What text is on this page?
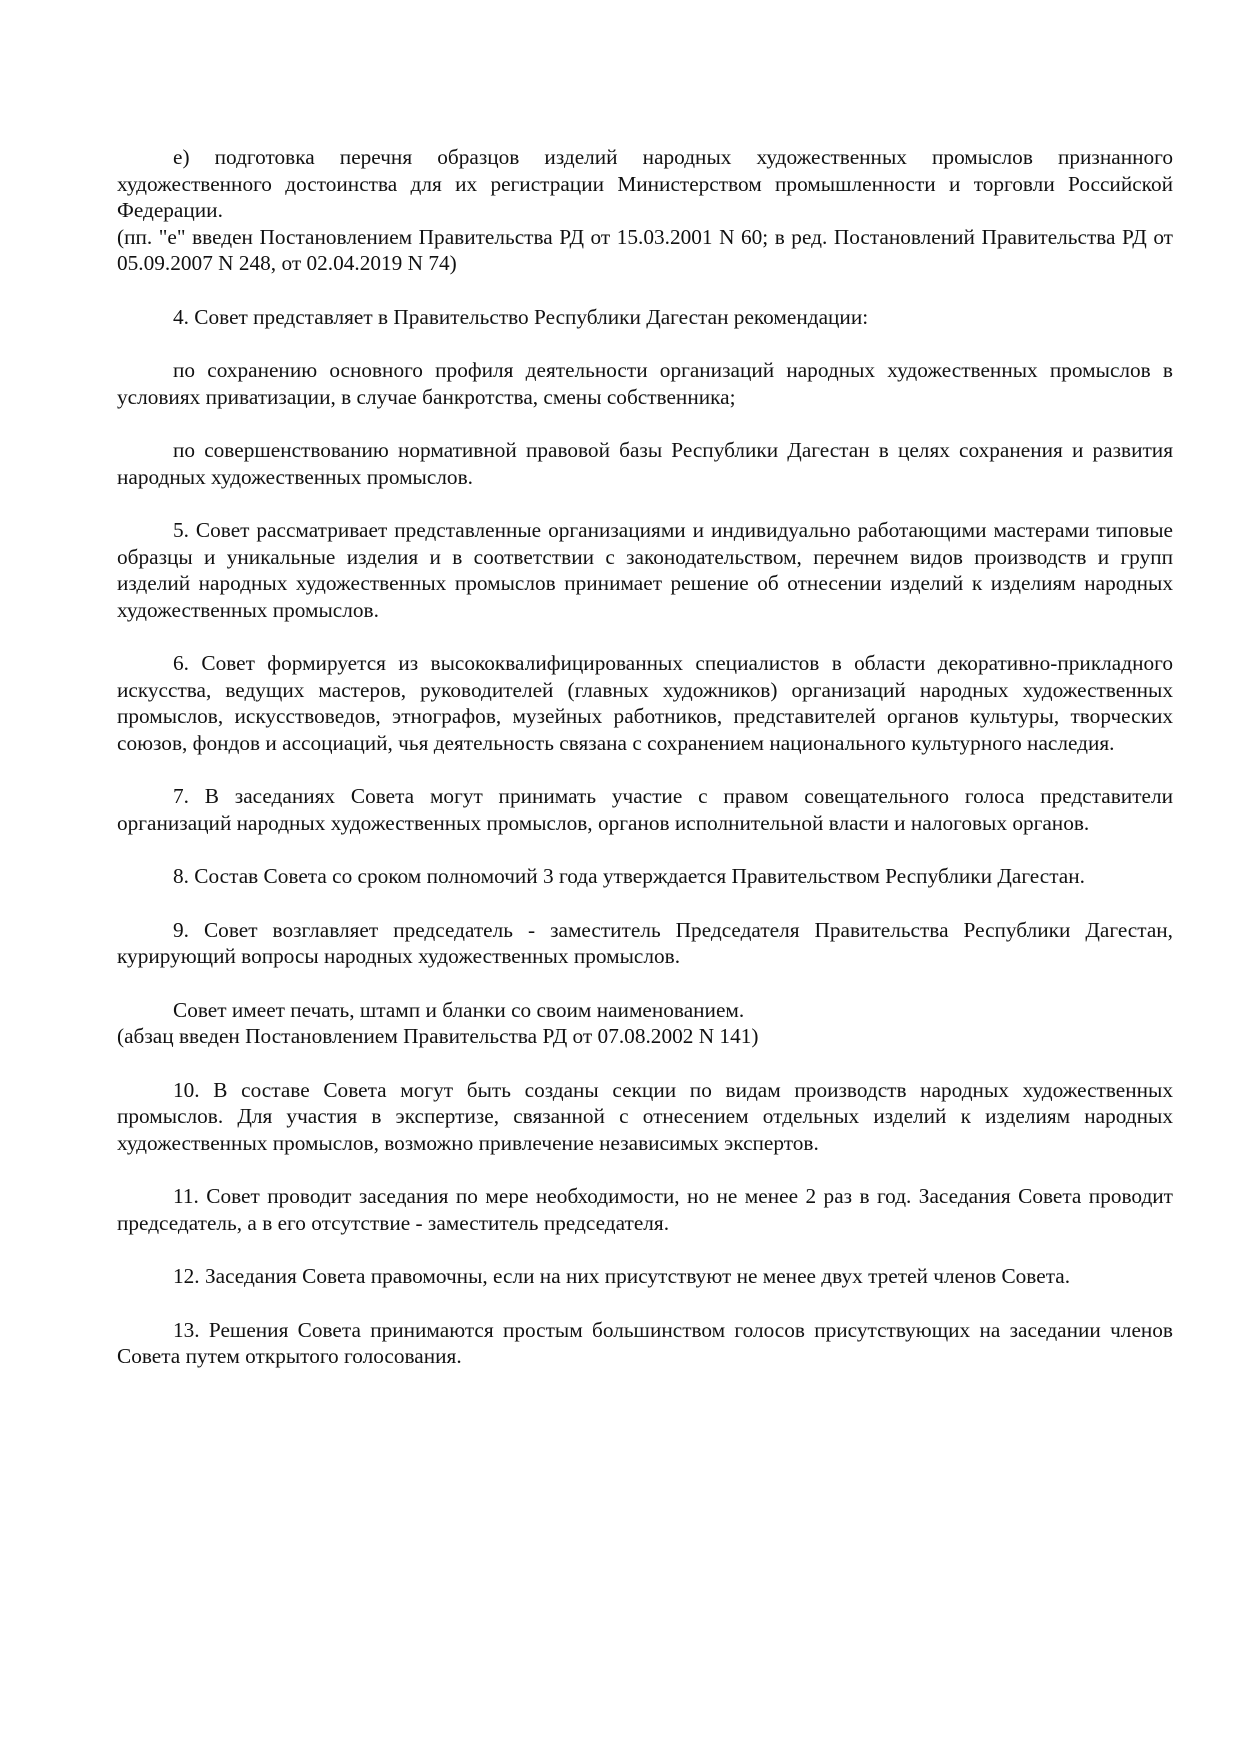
е) подготовка перечня образцов изделий народных художественных промыслов признанного художественного достоинства для их регистрации Министерством промышленности и торговли Российской Федерации.

(пп. "е" введен Постановлением Правительства РД от 15.03.2001 N 60; в ред. Постановлений Правительства РД от 05.09.2007 N 248, от 02.04.2019 N 74)

4. Совет представляет в Правительство Республики Дагестан рекомендации:

по сохранению основного профиля деятельности организаций народных художественных промыслов в условиях приватизации, в случае банкротства, смены собственника;

по совершенствованию нормативной правовой базы Республики Дагестан в целях сохранения и развития народных художественных промыслов.

5. Совет рассматривает представленные организациями и индивидуально работающими мастерами типовые образцы и уникальные изделия и в соответствии с законодательством, перечнем видов производств и групп изделий народных художественных промыслов принимает решение об отнесении изделий к изделиям народных художественных промыслов.

6. Совет формируется из высококвалифицированных специалистов в области декоративно-прикладного искусства, ведущих мастеров, руководителей (главных художников) организаций народных художественных промыслов, искусствоведов, этнографов, музейных работников, представителей органов культуры, творческих союзов, фондов и ассоциаций, чья деятельность связана с сохранением национального культурного наследия.

7. В заседаниях Совета могут принимать участие с правом совещательного голоса представители организаций народных художественных промыслов, органов исполнительной власти и налоговых органов.

8. Состав Совета со сроком полномочий 3 года утверждается Правительством Республики Дагестан.

9. Совет возглавляет председатель - заместитель Председателя Правительства Республики Дагестан, курирующий вопросы народных художественных промыслов.

Совет имеет печать, штамп и бланки со своим наименованием.

(абзац введен Постановлением Правительства РД от 07.08.2002 N 141)

10. В составе Совета могут быть созданы секции по видам производств народных художественных промыслов. Для участия в экспертизе, связанной с отнесением отдельных изделий к изделиям народных художественных промыслов, возможно привлечение независимых экспертов.

11. Совет проводит заседания по мере необходимости, но не менее 2 раз в год. Заседания Совета проводит председатель, а в его отсутствие - заместитель председателя.

12. Заседания Совета правомочны, если на них присутствуют не менее двух третей членов Совета.

13. Решения Совета принимаются простым большинством голосов присутствующих на заседании членов Совета путем открытого голосования.
